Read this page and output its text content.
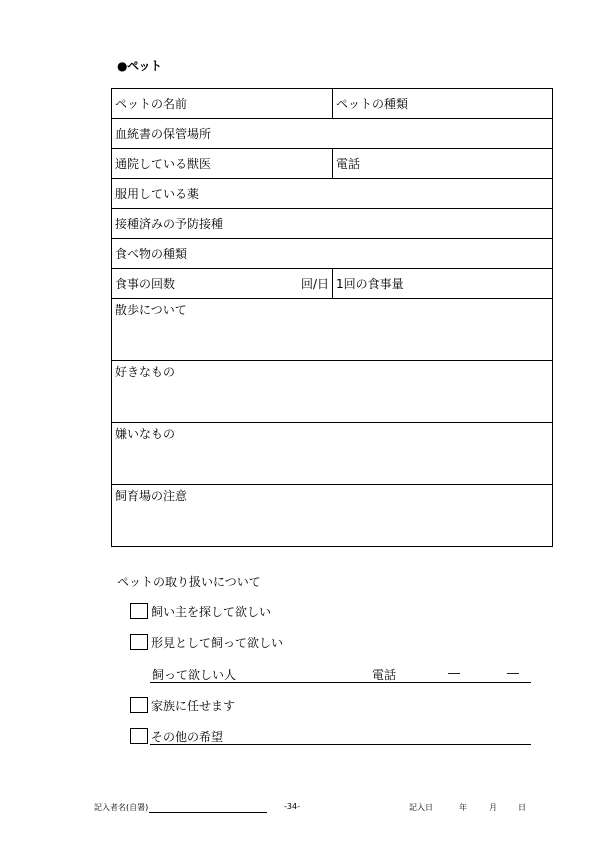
●ペット
ペットの名前	ペットの種類
血統書の保管場所	
通院している獣医	電話
服用している薬	
接種済みの予防接種	
食べ物の種類	

食事の回数 回/日	1回の食事量
散歩について	
好きなもの	
嫌いなもの	
飼育場の注意	
ペットの取り扱いについて
飼い主を探して欲しい
形見として飼って欲しい
飼って欲しい人	電話	―	―
家族に任せます
その他の希望
記入者名(自署)	-34-	記入日	年	月	日
